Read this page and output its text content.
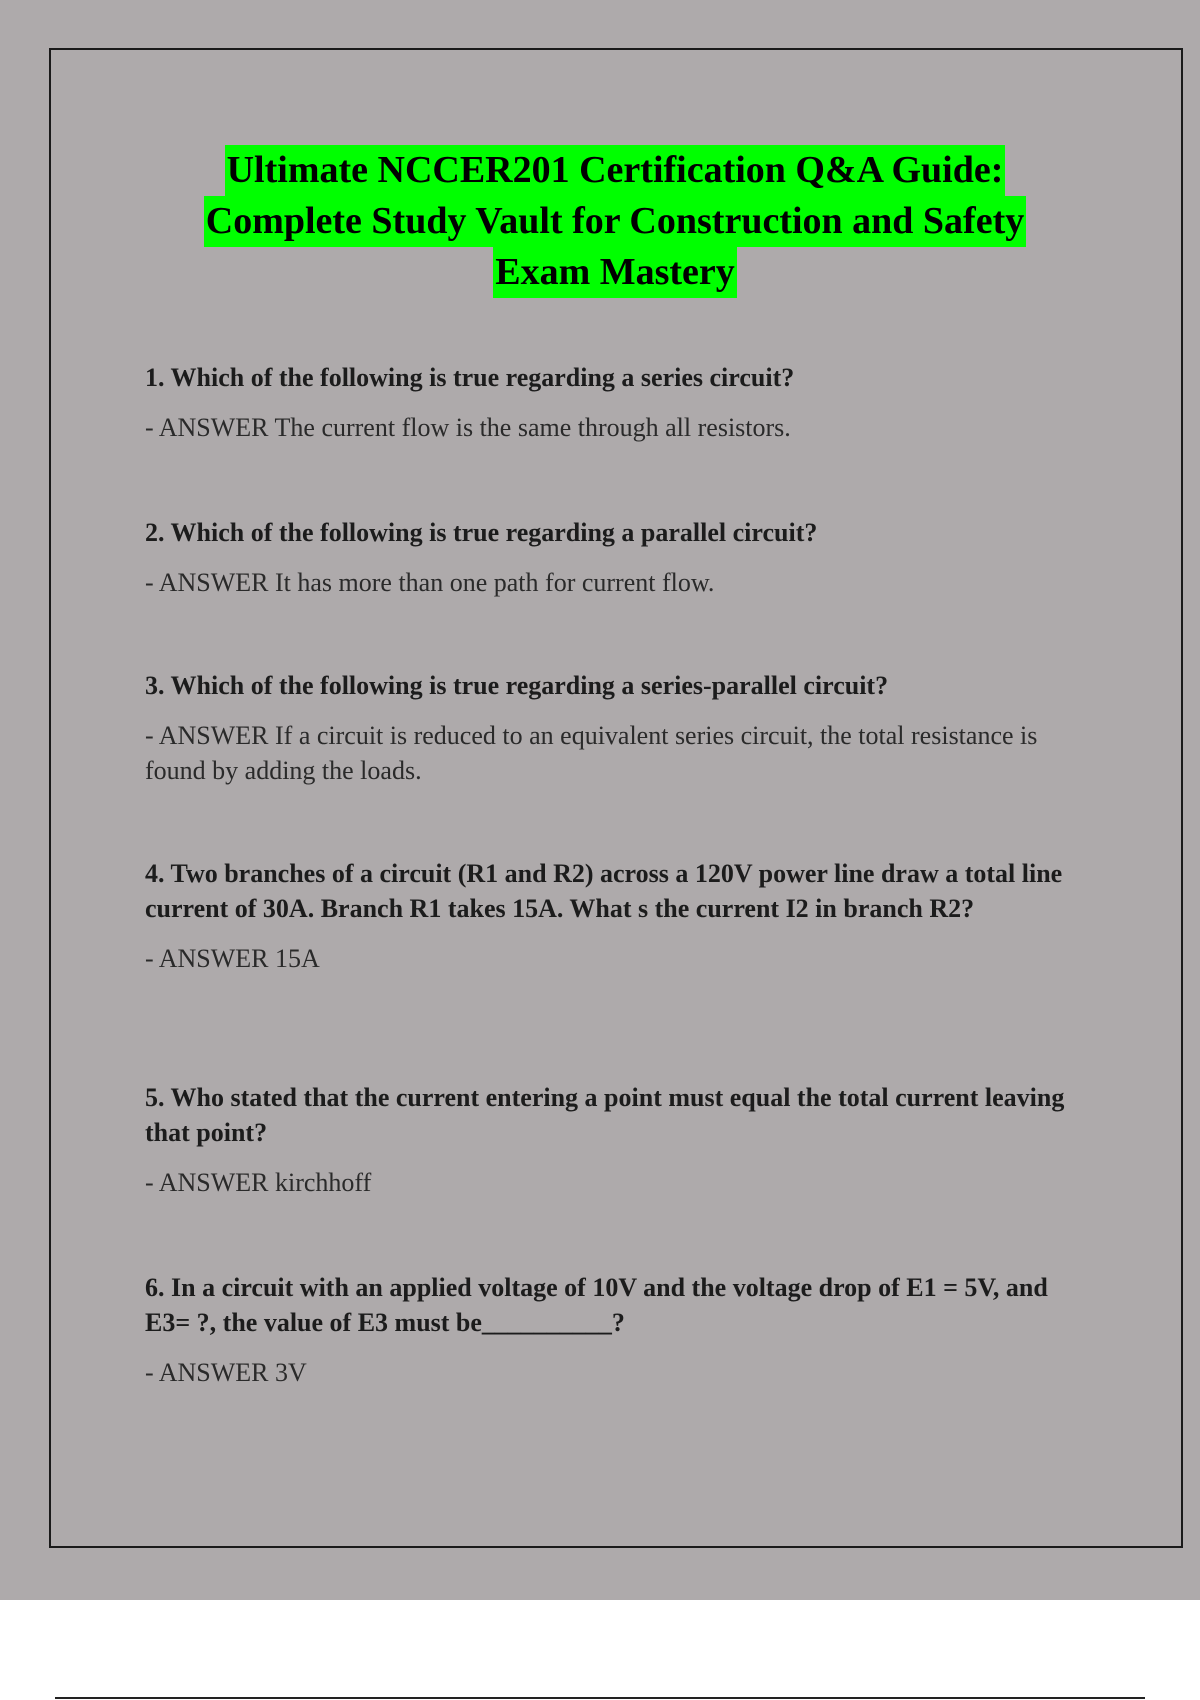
Ultimate NCCER201 Certification Q&A Guide:
Complete Study Vault for Construction and Safety
Exam Mastery

1. Which of the following is true regarding a series circuit?

- ANSWER The current flow is the same through all resistors.

2. Which of the following is true regarding a parallel circuit?

- ANSWER It has more than one path for current flow.

3. Which of the following is true regarding a series-parallel circuit?

- ANSWER If a circuit is reduced to an equivalent series circuit, the total resistance is found by adding the loads.

4. Two branches of a circuit (R1 and R2) across a 120V power line draw a total line current of 30A. Branch R1 takes 15A. What s the current I2 in branch R2?

- ANSWER 15A

5. Who stated that the current entering a point must equal the total current leaving that point?

- ANSWER kirchhoff

6. In a circuit with an applied voltage of 10V and the voltage drop of E1 = 5V, and E3= ?, the value of E3 must be__________?

- ANSWER 3V
